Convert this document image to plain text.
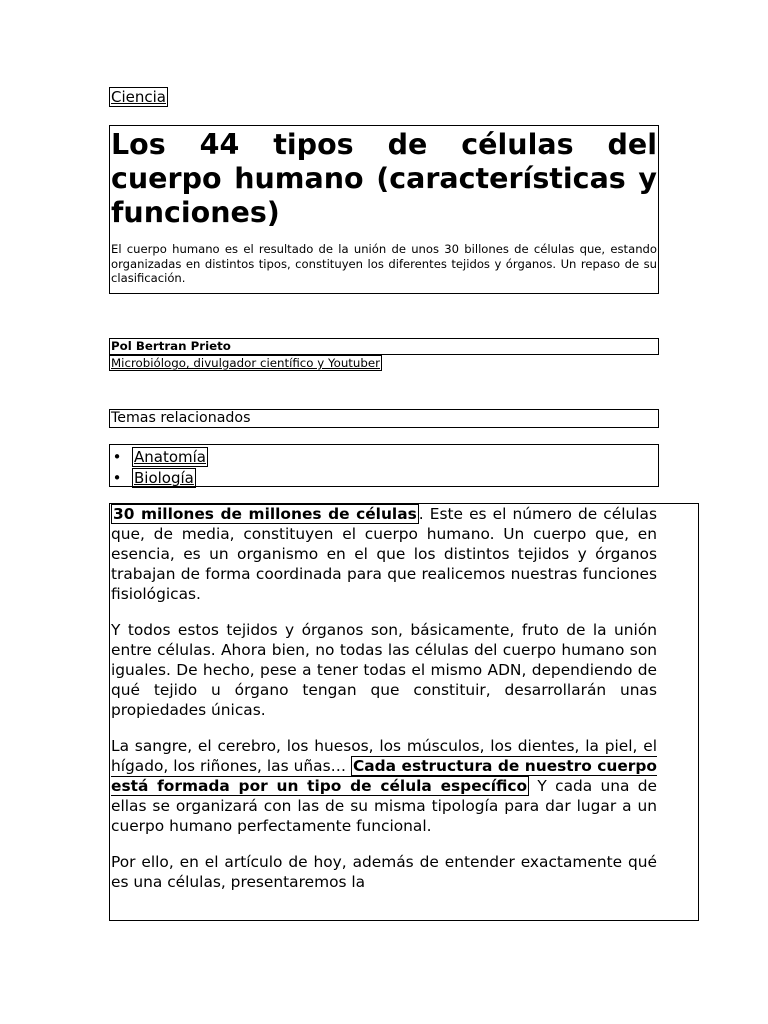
Ciencia
Los 44 tipos de células del cuerpo humano (características y funciones)

El cuerpo humano es el resultado de la unión de unos 30 billones de células que, estando organizadas en distintos tipos, constituyen los diferentes tejidos y órganos. Un repaso de su clasificación.

Pol Bertran Prieto
Microbiólogo, divulgador científico y Youtuber
Temas relacionados
• Anatomía
• Biología

30 millones de millones de células . Este es el número de células que, de media, constituyen el cuerpo humano. Un cuerpo que, en esencia, es un organismo en el que los distintos tejidos y órganos trabajan de forma coordinada para que realicemos nuestras funciones fisiológicas.

Y todos estos tejidos y órganos son, básicamente, fruto de la unión entre células. Ahora bien, no todas las células del cuerpo humano son iguales. De hecho, pese a tener todas el mismo ADN, dependiendo de qué tejido u órgano tengan que constituir, desarrollarán unas propiedades únicas.

La sangre, el cerebro, los huesos, los músculos, los dientes, la piel, el hígado, los riñones, las uñas… Cada estructura de nuestro cuerpo está formada por un tipo de célula específico Y cada una de ellas se organizará con las de su misma tipología para dar lugar a un cuerpo humano perfectamente funcional.

Por ello, en el artículo de hoy, además de entender exactamente qué es una células, presentaremos la
